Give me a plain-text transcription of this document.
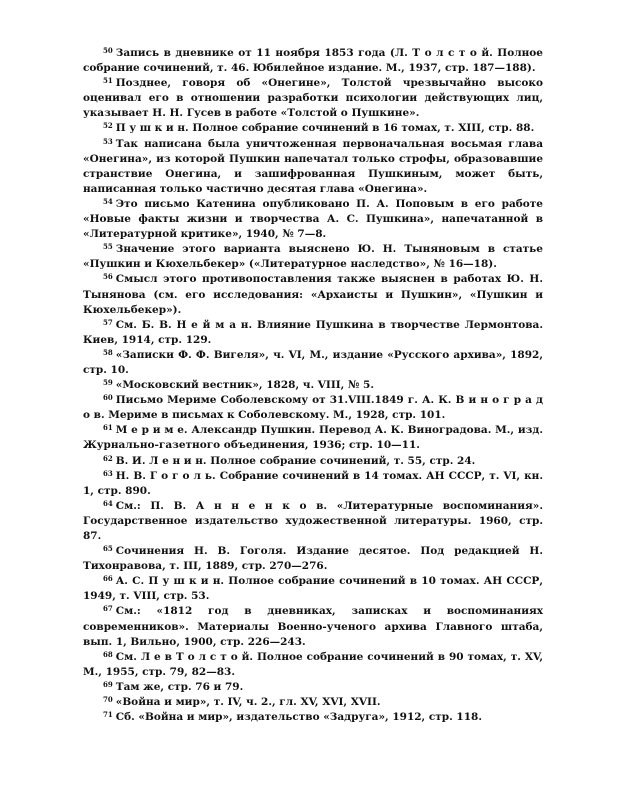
$^{50}$ Запись в дневнике от 11 ноября 1853 года (Л. Т о л с т о й. Полное собрание сочинений, т. 46. Юбилейное издание. М., 1937, стр. 187—188).

$^{51}$ Позднее, говоря об «Онегине», Толстой чрезвычайно высоко оценивал его в отношении разработки психологии действующих лиц, указывает Н. Н. Гусев в работе «Толстой о Пушкине».

$^{52}$ П у ш к и н. Полное собрание сочинений в 16 томах, т. XIII, стр. 88.

$^{53}$ Так написана была уничтоженная первоначальная восьмая глава «Онегина», из которой Пушкин напечатал только строфы, образовавшие странствие Онегина, и зашифрованная Пушкиным, может быть, написанная только частично десятая глава «Онегина».

$^{54}$ Это письмо Катенина опубликовано П. А. Поповым в его работе «Новые факты жизни и творчества А. С. Пушкина», напечатанной в «Литературной критике», 1940, № 7—8.

$^{55}$ Значение этого варианта выяснено Ю. Н. Тыняновым в статье «Пушкин и Кюхельбекер» («Литературное наследство», № 16—18).

$^{56}$ Смысл этого противопоставления также выяснен в работах Ю. Н. Тынянова (см. его исследования: «Архаисты и Пушкин», «Пушкин и Кюхельбекер»).

$^{57}$ См. Б. В. Н е й м а н. Влияние Пушкина в творчестве Лермонтова. Киев, 1914, стр. 129.

$^{58}$ «Записки Ф. Ф. Вигеля», ч. VI, М., издание «Русского архива», 1892, стр. 10.

$^{59}$ «Московский вестник», 1828, ч. VIII, № 5.

$^{60}$ Письмо Мериме Соболевскому от 31.VIII.1849 г. А. К. В и н о г р а д о в. Мериме в письмах к Соболевскому. М., 1928, стр. 101.

$^{61}$ М е р и м е. Александр Пушкин. Перевод А. К. Виноградова. М., изд. Журнально-газетного объединения, 1936; стр. 10—11.

$^{62}$ В. И. Л е н и н. Полное собрание сочинений, т. 55, стр. 24.

$^{63}$ Н. В. Г о г о л ь. Собрание сочинений в 14 томах. АН СССР, т. VI, кн. 1, стр. 890.

$^{64}$ См.: П. В. А н н е н к о в. «Литературные воспоминания». Государственное издательство художественной литературы. 1960, стр. 87.

$^{65}$ Сочинения Н. В. Гоголя. Издание десятое. Под редакцией Н. Тихонравова, т. III, 1889, стр. 270—276.

$^{66}$ А. С. П у ш к и н. Полное собрание сочинений в 10 томах. АН СССР, 1949, т. VIII, стр. 53.

$^{67}$ См.: «1812 год в дневниках, записках и воспоминаниях современников». Материалы Военно-ученого архива Главного штаба, вып. 1, Вильно, 1900, стр. 226—243.

$^{68}$ См. Л е в Т о л с т о й. Полное собрание сочинений в 90 томах, т. XV, М., 1955, стр. 79, 82—83.

$^{69}$ Там же, стр. 76 и 79.

$^{70}$ «Война и мир», т. IV, ч. 2., гл. XV, XVI, XVII.

$^{71}$ Сб. «Война и мир», издательство «Задруга», 1912, стр. 118.
